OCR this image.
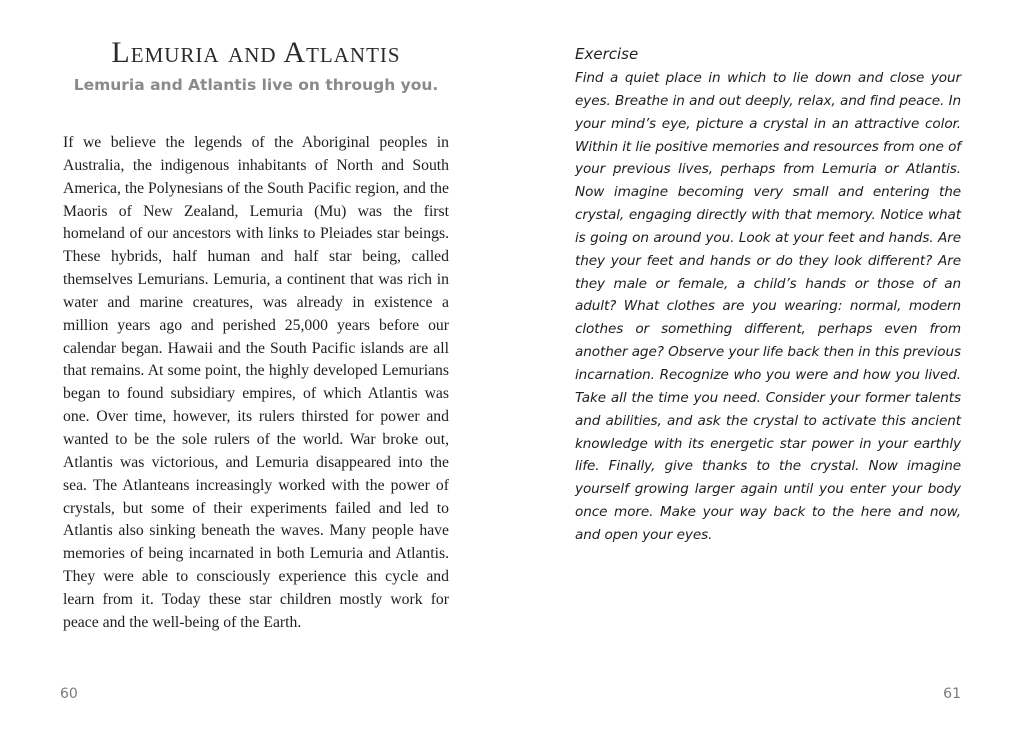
Lemuria and Atlantis

Lemuria and Atlantis live on through you.

If we believe the legends of the Aboriginal peoples in Australia, the indigenous inhabitants of North and South America, the Polynesians of the South Pacific region, and the Maoris of New Zealand, Lemuria (Mu) was the first homeland of our ancestors with links to Pleiades star beings. These hybrids, half human and half star being, called themselves Lemurians. Lemuria, a continent that was rich in water and marine creatures, was already in existence a million years ago and perished 25,000 years before our calendar began. Hawaii and the South Pacific islands are all that remains. At some point, the highly developed Lemurians began to found subsidiary empires, of which Atlantis was one. Over time, however, its rulers thirsted for power and wanted to be the sole rulers of the world. War broke out, Atlantis was victorious, and Lemuria disappeared into the sea. The Atlanteans increasingly worked with the power of crystals, but some of their experiments failed and led to Atlantis also sinking beneath the waves. Many people have memories of being incarnated in both Lemuria and Atlantis. They were able to consciously experience this cycle and learn from it. Today these star children mostly work for peace and the well-being of the Earth.

60
Exercise

Find a quiet place in which to lie down and close your eyes. Breathe in and out deeply, relax, and find peace. In your mind’s eye, picture a crystal in an attractive color. Within it lie positive memories and resources from one of your previous lives, perhaps from Lemuria or Atlantis. Now imagine becoming very small and entering the crystal, engaging directly with that memory. Notice what is going on around you. Look at your feet and hands. Are they your feet and hands or do they look different? Are they male or female, a child’s hands or those of an adult? What clothes are you wearing: normal, modern clothes or something different, perhaps even from another age? Observe your life back then in this previous incarnation. Recognize who you were and how you lived. Take all the time you need. Consider your former talents and abilities, and ask the crystal to activate this ancient knowledge with its energetic star power in your earthly life. Finally, give thanks to the crystal. Now imagine yourself growing larger again until you enter your body once more. Make your way back to the here and now, and open your eyes.

61
